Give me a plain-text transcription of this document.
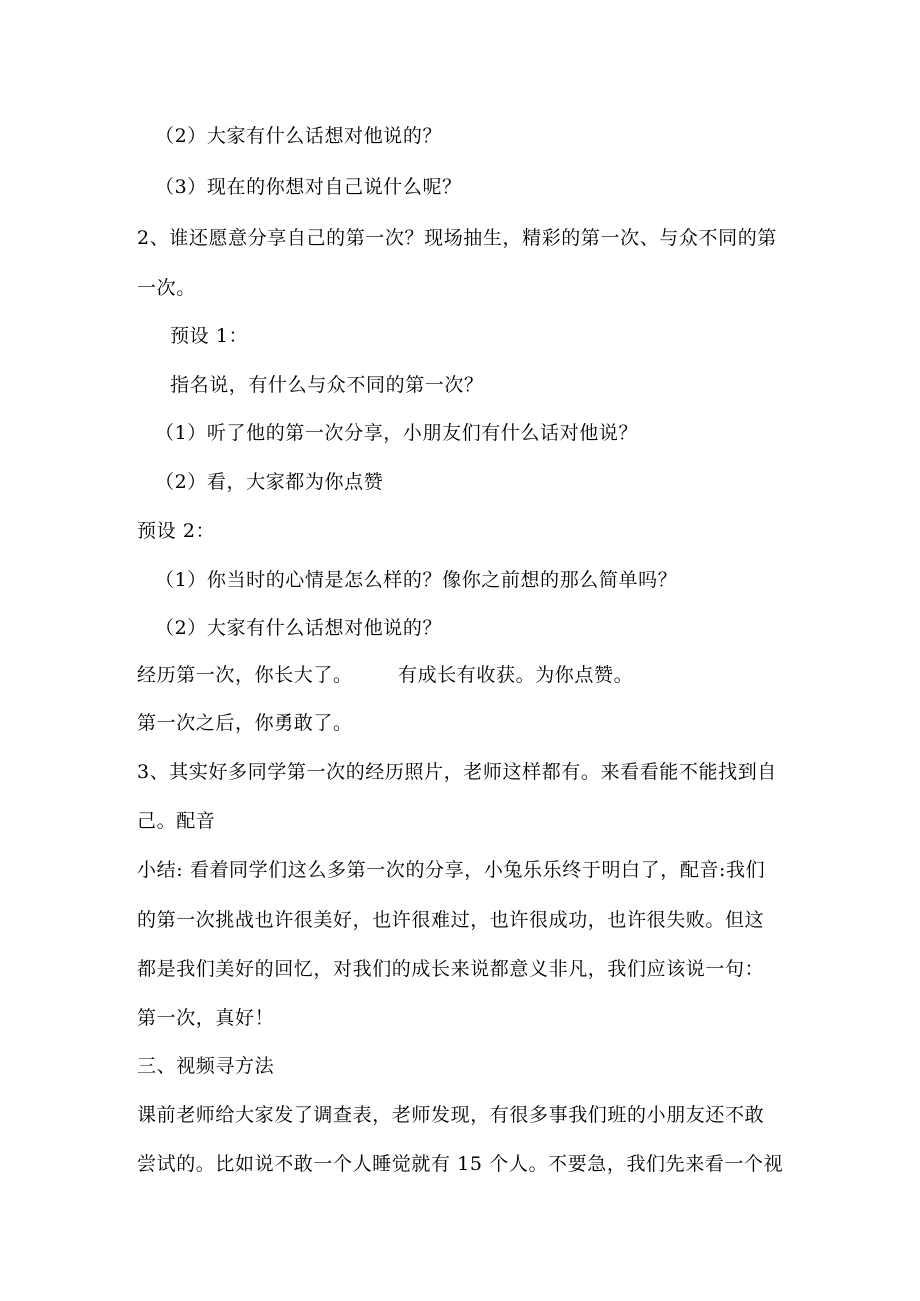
（2）大家有什么话想对他说的？

（3）现在的你想对自己说什么呢？

2、谁还愿意分享自己的第一次？现场抽生，精彩的第一次、与众不同的第

一次。

预设 1：

指名说，有什么与众不同的第一次？

（1）听了他的第一次分享，小朋友们有什么话对他说？

（2）看，大家都为你点赞

预设 2：

（1）你当时的心情是怎么样的？像你之前想的那么简单吗？

（2）大家有什么话想对他说的？

经历第一次，你长大了。 有成长有收获。为你点赞。

第一次之后，你勇敢了。

3、其实好多同学第一次的经历照片，老师这样都有。来看看能不能找到自

己。配音

小结: 看着同学们这么多第一次的分享，小兔乐乐终于明白了，配音:我们

的第一次挑战也许很美好，也许很难过，也许很成功，也许很失败。但这

都是我们美好的回忆，对我们的成长来说都意义非凡，我们应该说一句：

第一次，真好！

三、视频寻方法

课前老师给大家发了调查表，老师发现，有很多事我们班的小朋友还不敢

尝试的。比如说不敢一个人睡觉就有 15 个人。不要急，我们先来看一个视
